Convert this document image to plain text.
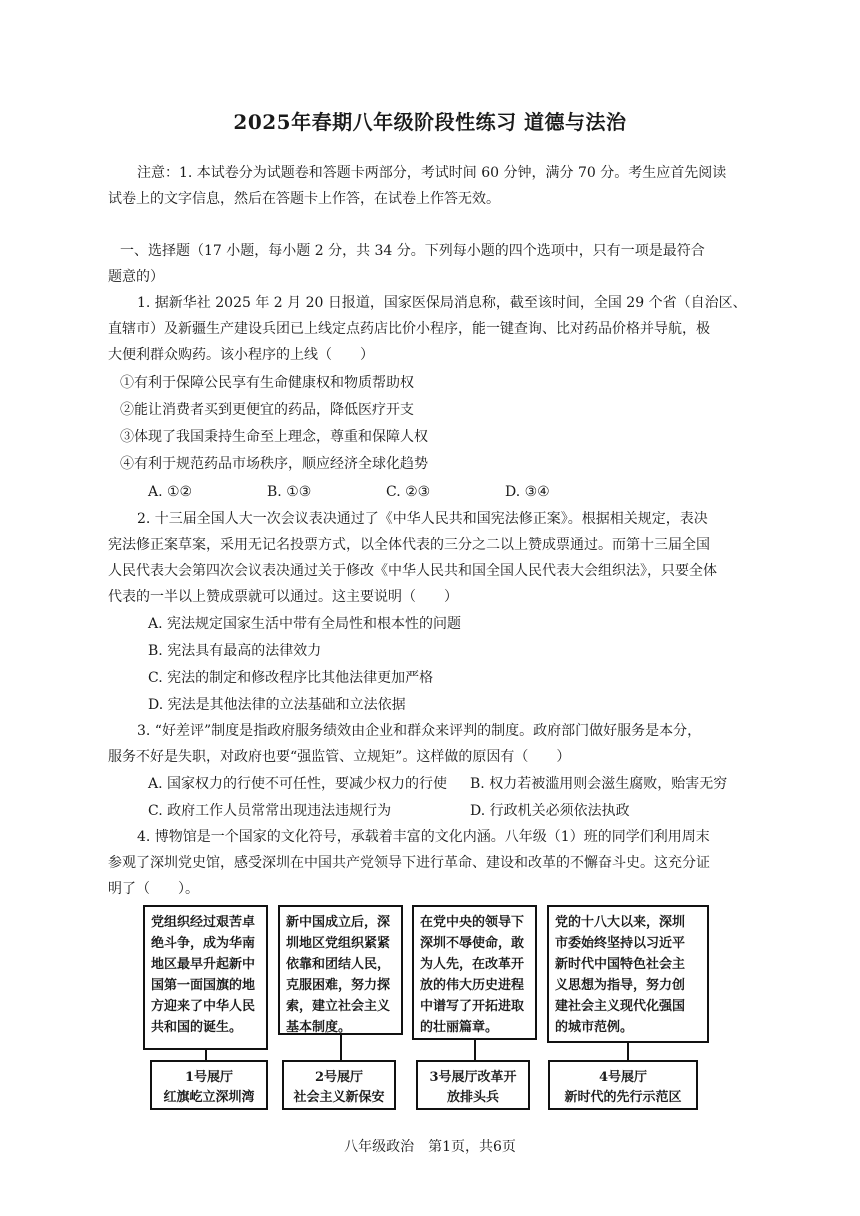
2025年春期八年级阶段性练习 道德与法治
注意：1. 本试卷分为试题卷和答题卡两部分，考试时间 60 分钟，满分 70 分。考生应首先阅读
试卷上的文字信息，然后在答题卡上作答，在试卷上作答无效。
一、选择题（17 小题，每小题 2 分，共 34 分。下列每小题的四个选项中，只有一项是最符合
题意的）
1. 据新华社 2025 年 2 月 20 日报道，国家医保局消息称，截至该时间，全国 29 个省（自治区、
直辖市）及新疆生产建设兵团已上线定点药店比价小程序，能一键查询、比对药品价格并导航，极
大便利群众购药。该小程序的上线（　　）
①有利于保障公民享有生命健康权和物质帮助权
②能让消费者买到更便宜的药品，降低医疗开支
③体现了我国秉持生命至上理念，尊重和保障人权
④有利于规范药品市场秩序，顺应经济全球化趋势
A. ①②	B. ①③	C. ②③	D. ③④
2. 十三届全国人大一次会议表决通过了《中华人民共和国宪法修正案》。根据相关规定，表决
宪法修正案草案，采用无记名投票方式，以全体代表的三分之二以上赞成票通过。而第十三届全国
人民代表大会第四次会议表决通过关于修改《中华人民共和国全国人民代表大会组织法》，只要全体
代表的一半以上赞成票就可以通过。这主要说明（　　）
A. 宪法规定国家生活中带有全局性和根本性的问题
B. 宪法具有最高的法律效力
C. 宪法的制定和修改程序比其他法律更加严格
D. 宪法是其他法律的立法基础和立法依据
3. “好差评”制度是指政府服务绩效由企业和群众来评判的制度。政府部门做好服务是本分，
服务不好是失职，对政府也要“强监管、立规矩”。这样做的原因有（　　）
A. 国家权力的行使不可任性，要减少权力的行使 B. 权力若被滥用则会滋生腐败，贻害无穷
C. 政府工作人员常常出现违法违规行为	D. 行政机关必须依法执政
4. 博物馆是一个国家的文化符号，承载着丰富的文化内涵。八年级（1）班的同学们利用周末
参观了深圳党史馆，感受深圳在中国共产党领导下进行革命、建设和改革的不懈奋斗史。这充分证
明了（　　）。
党组织经过艰苦卓
绝斗争，成为华南
地区最早升起新中
国第一面国旗的地
方迎来了中华人民
共和国的诞生。
新中国成立后，深
圳地区党组织紧紧
依靠和团结人民，
克服困难，努力探
索，建立社会主义
基本制度。
在党中央的领导下
深圳不辱使命，敢
为人先，在改革开
放的伟大历史进程
中谱写了开拓进取
的壮丽篇章。
党的十八大以来，深圳
市委始终坚持以习近平
新时代中国特色社会主
义思想为指导，努力创
建社会主义现代化强国
的城市范例。
1号展厅
红旗屹立深圳湾
2号展厅
社会主义新保安
3号展厅改革开
放排头兵
4号展厅
新时代的先行示范区
八年级政治　第1页，共6页
